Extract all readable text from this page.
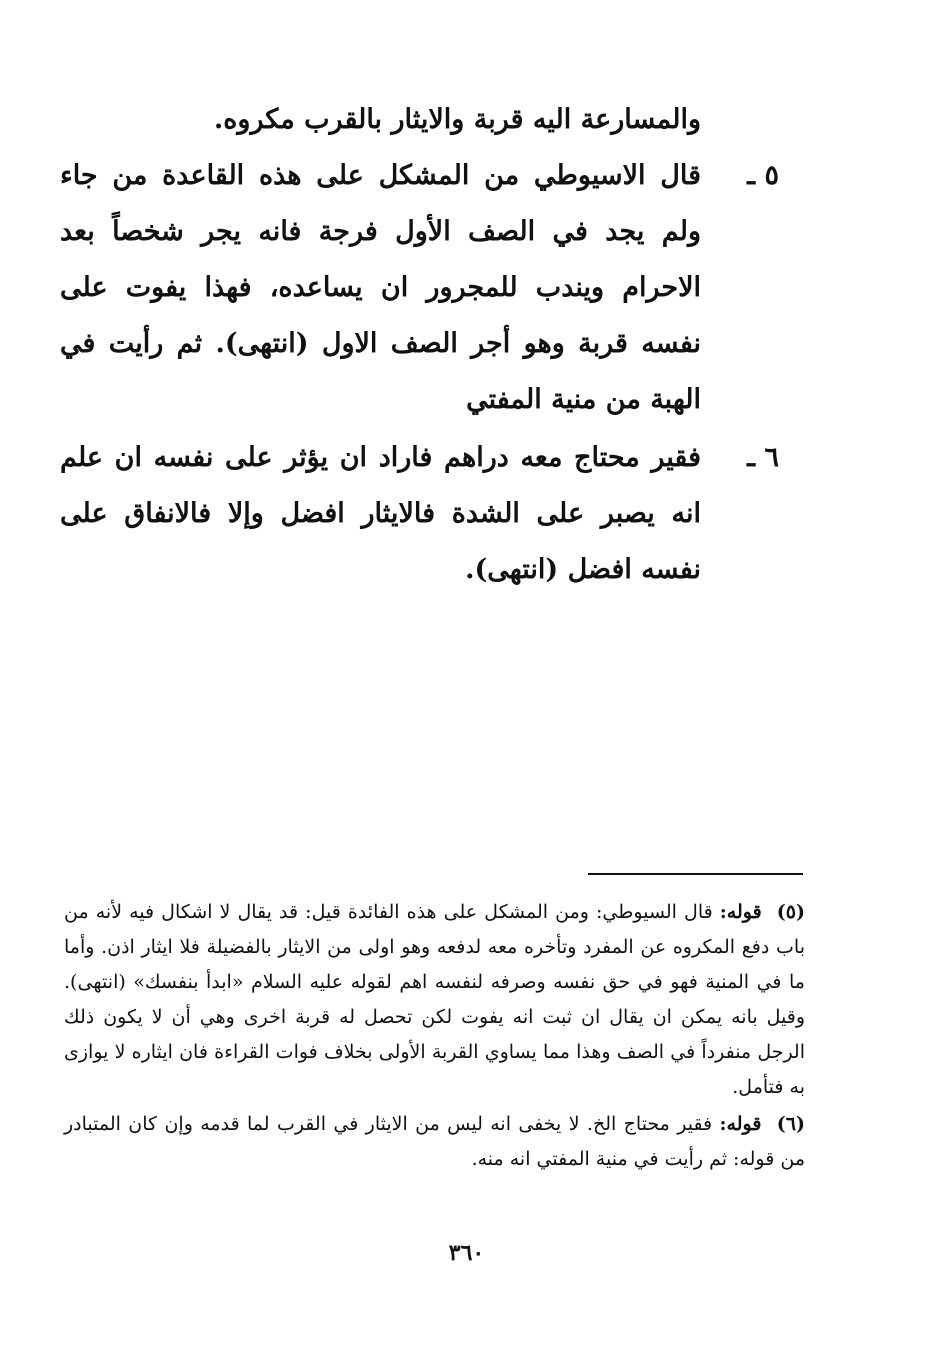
والمسارعة اليه قربة والايثار بالقرب مكروه.

٥ ـ

قال الاسيوطي من المشكل على هذه القاعدة من جاء ولم يجد في الصف الأول فرجة فانه يجر شخصاً بعد الاحرام ويندب للمجرور ان يساعده، فهذا يفوت على نفسه قربة وهو أجر الصف الاول (انتهى). ثم رأيت في الهبة من منية المفتي

٦ ـ

فقير محتاج معه دراهم فاراد ان يؤثر على نفسه ان علم انه يصبر على الشدة فالايثار افضل وإلا فالانفاق على نفسه افضل (انتهى).

(٥) قوله: قال السيوطي: ومن المشكل على هذه الفائدة قيل: قد يقال لا اشكال فيه لأنه من باب دفع المكروه عن المفرد وتأخره معه لدفعه وهو اولى من الايثار بالفضيلة فلا ايثار اذن. وأما ما في المنية فهو في حق نفسه وصرفه لنفسه اهم لقوله عليه السلام «ابدأ بنفسك» (انتهى). وقيل بانه يمكن ان يقال ان ثبت انه يفوت لكن تحصل له قربة اخرى وهي أن لا يكون ذلك الرجل منفرداً في الصف وهذا مما يساوي القربة الأولى بخلاف فوات القراءة فان ايثاره لا يوازى به فتأمل.

(٦) قوله: فقير محتاج الخ. لا يخفى انه ليس من الايثار في القرب لما قدمه وإن كان المتبادر من قوله: ثم رأيت في منية المفتي انه منه.

٣٦٠
